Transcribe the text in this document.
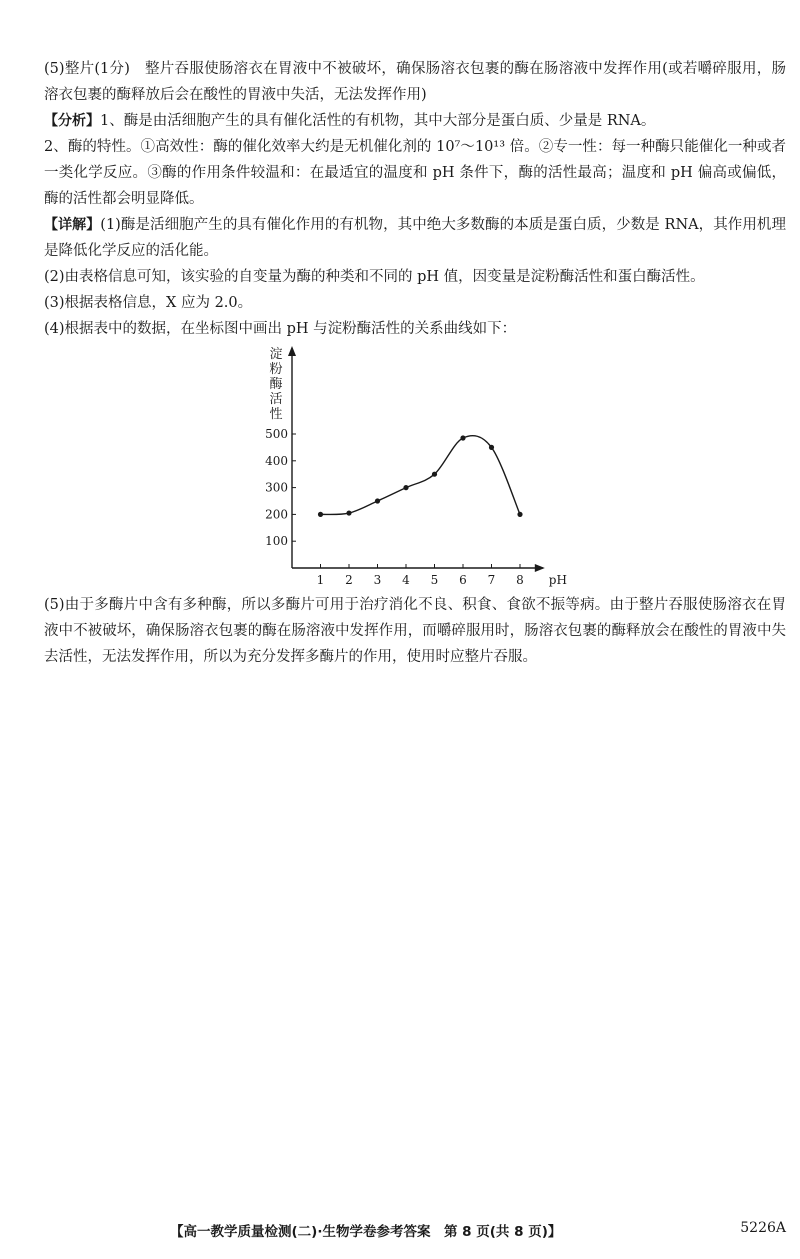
(5)整片(1分)　整片吞服使肠溶衣在胃液中不被破坏，确保肠溶衣包裹的酶在肠溶液中发挥作用(或若嚼碎服用，肠溶衣包裹的酶释放后会在酸性的胃液中失活，无法发挥作用)

【分析】1、酶是由活细胞产生的具有催化活性的有机物，其中大部分是蛋白质、少量是 RNA。

2、酶的特性。①高效性：酶的催化效率大约是无机催化剂的 10⁷～10¹³ 倍。②专一性：每一种酶只能催化一种或者一类化学反应。③酶的作用条件较温和：在最适宜的温度和 pH 条件下，酶的活性最高；温度和 pH 偏高或偏低，酶的活性都会明显降低。

【详解】(1)酶是活细胞产生的具有催化作用的有机物，其中绝大多数酶的本质是蛋白质，少数是 RNA，其作用机理是降低化学反应的活化能。

(2)由表格信息可知，该实验的自变量为酶的种类和不同的 pH 值，因变量是淀粉酶活性和蛋白酶活性。

(3)根据表格信息，X 应为 2.0。

(4)根据表中的数据，在坐标图中画出 pH 与淀粉酶活性的关系曲线如下：

淀
粉
酶
活
性
100
200
300
400
500
1 2 3 4 5 6 7 8 pH

(5)由于多酶片中含有多种酶，所以多酶片可用于治疗消化不良、积食、食欲不振等病。由于整片吞服使肠溶衣在胃液中不被破坏，确保肠溶衣包裹的酶在肠溶液中发挥作用，而嚼碎服用时，肠溶衣包裹的酶释放会在酸性的胃液中失去活性，无法发挥作用，所以为充分发挥多酶片的作用，使用时应整片吞服。

【高一教学质量检测(二)·生物学卷参考答案　第 8 页(共 8 页)】	5226A
